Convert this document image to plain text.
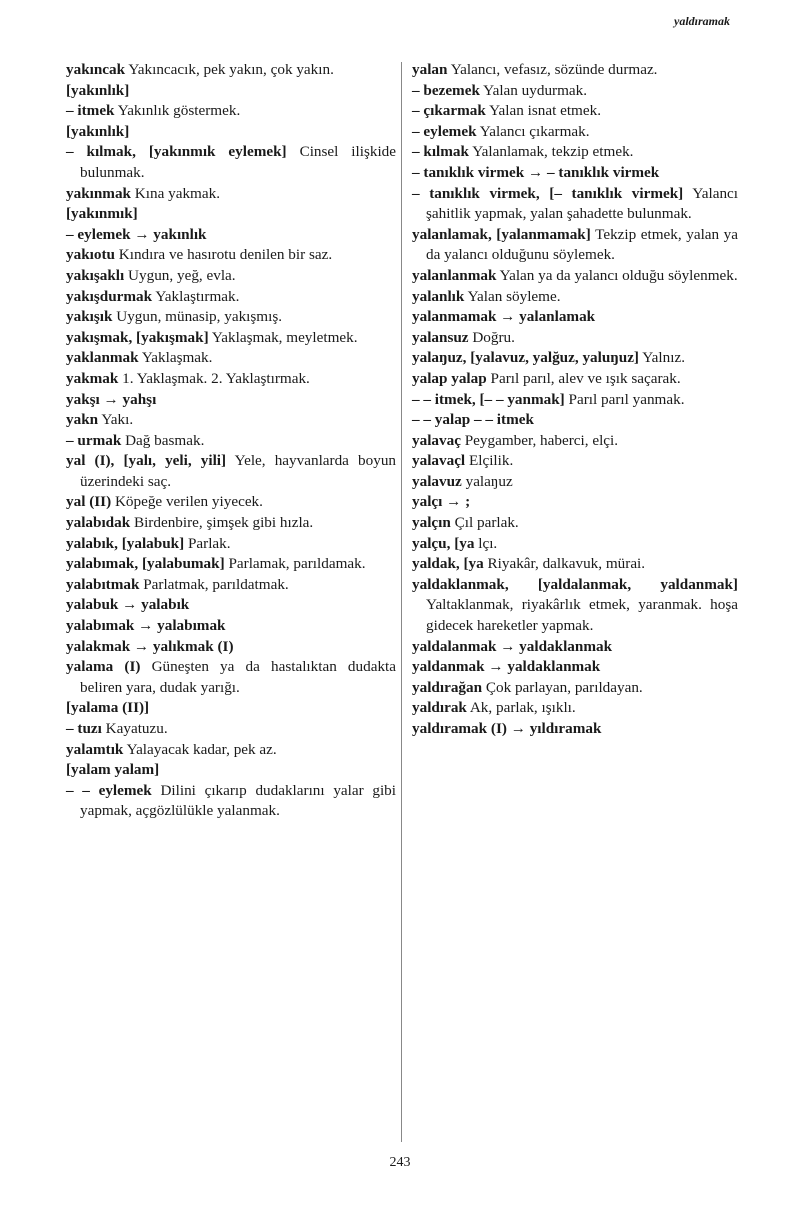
yaldıramak

yakıncak Yakıncacık, pek yakın, çok yakın.

[yakınlık]

– itmek Yakınlık göstermek.

[yakınlık]

– kılmak, [yakınmık eylemek] Cinsel ilişkide bulunmak.

yakınmak Kına yakmak.

[yakınmık]

– eylemek → yakınlık

yakıotu Kındıra ve hasırotu denilen bir saz.

yakışaklı Uygun, yeğ, evla.

yakışdurmak Yaklaştırmak.

yakışık Uygun, münasip, yakışmış.

yakışmak, [yakışmak] Yaklaşmak, meyletmek.

yaklanmak Yaklaşmak.

yakmak 1. Yaklaşmak. 2. Yaklaştırmak.

yakşı → yahşı

yakn Yakı.

– urmak Dağ basmak.

yal (I), [yalı, yeli, yili] Yele, hayvanlarda boyun üzerindeki saç.

yal (II) Köpeğe verilen yiyecek.

yalabıdak Birdenbire, şimşek gibi hızla.

yalabık, [yalabuk] Parlak.

yalabımak, [yalabumak] Parlamak, parıldamak.

yalabıtmak Parlatmak, parıldatmak.

yalabuk → yalabık

yalabımak → yalabımak

yalakmak → yalıkmak (I)

yalama (I) Güneşten ya da hastalıktan dudakta beliren yara, dudak yarığı.

[yalama (II)]

– tuzı Kayatuzu.

yalamtık Yalayacak kadar, pek az.

[yalam yalam]

– – eylemek Dilini çıkarıp dudaklarını yalar gibi yapmak, açgözlülükle yalanmak.

yalan Yalancı, vefasız, sözünde durmaz.

– bezemek Yalan uydurmak.

– çıkarmak Yalan isnat etmek.

– eylemek Yalancı çıkarmak.

– kılmak Yalanlamak, tekzip etmek.

– tanıklık virmek → – tanıklık virmek

– tanıklık virmek, [– tanıklık virmek] Yalancı şahitlik yapmak, yalan şahadette bulunmak.

yalanlamak, [yalanmamak] Tekzip etmek, yalan ya da yalancı olduğunu söylemek.

yalanlanmak Yalan ya da yalancı olduğu söylenmek.

yalanlık Yalan söyleme.

yalanmamak → yalanlamak

yalansuz Doğru.

yalaŋuz, [yalavuz, yalğuz, yaluŋuz] Yalnız.

yalap yalap Parıl parıl, alev ve ışık saçarak.

– – itmek, [– – yanmak] Parıl parıl yanmak.

– – yalap – – itmek

yalavaç Peygamber, haberci, elçi.

yalavaçl Elçilik.

yalavuz yalaŋuz

yalçı → ;

yalçın Çıl parlak.

yalçu, [ya lçı.

yaldak, [ya Riyakâr, dalkavuk, mürai.

yaldaklanmak, [yaldalanmak, yaldanmak] Yaltaklanmak, riyakârlık etmek, yaranmak. hoşa gidecek hareketler yapmak.

yaldalanmak → yaldaklanmak

yaldanmak → yaldaklanmak

yaldırağan Çok parlayan, parıldayan.

yaldırak Ak, parlak, ışıklı.

yaldıramak (I) → yıldıramak

243
